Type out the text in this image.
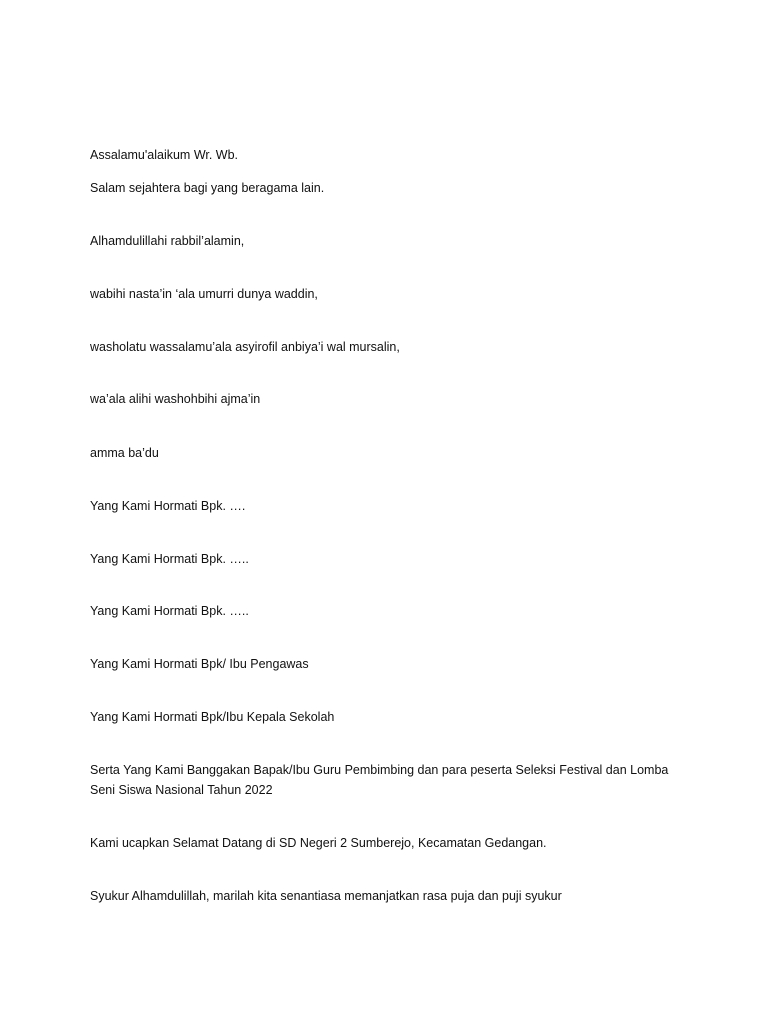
Assalamu'alaikum Wr. Wb.
Salam sejahtera bagi yang beragama lain.
Alhamdulillahi rabbil’alamin,
wabihi nasta’in ‘ala umurri dunya waddin,
washolatu wassalamu’ala asyirofil anbiya’i wal mursalin,
wa’ala alihi washohbihi ajma’in
amma ba’du
Yang Kami Hormati Bpk. ….
Yang Kami Hormati Bpk. …..
Yang Kami Hormati Bpk. …..
Yang Kami Hormati Bpk/ Ibu Pengawas
Yang Kami Hormati Bpk/Ibu Kepala Sekolah
Serta Yang Kami Banggakan Bapak/Ibu Guru Pembimbing dan para peserta Seleksi Festival dan Lomba Seni Siswa Nasional Tahun 2022
Kami ucapkan Selamat Datang di SD Negeri 2 Sumberejo, Kecamatan Gedangan.
Syukur Alhamdulillah, marilah kita senantiasa memanjatkan rasa puja dan puji syukur
